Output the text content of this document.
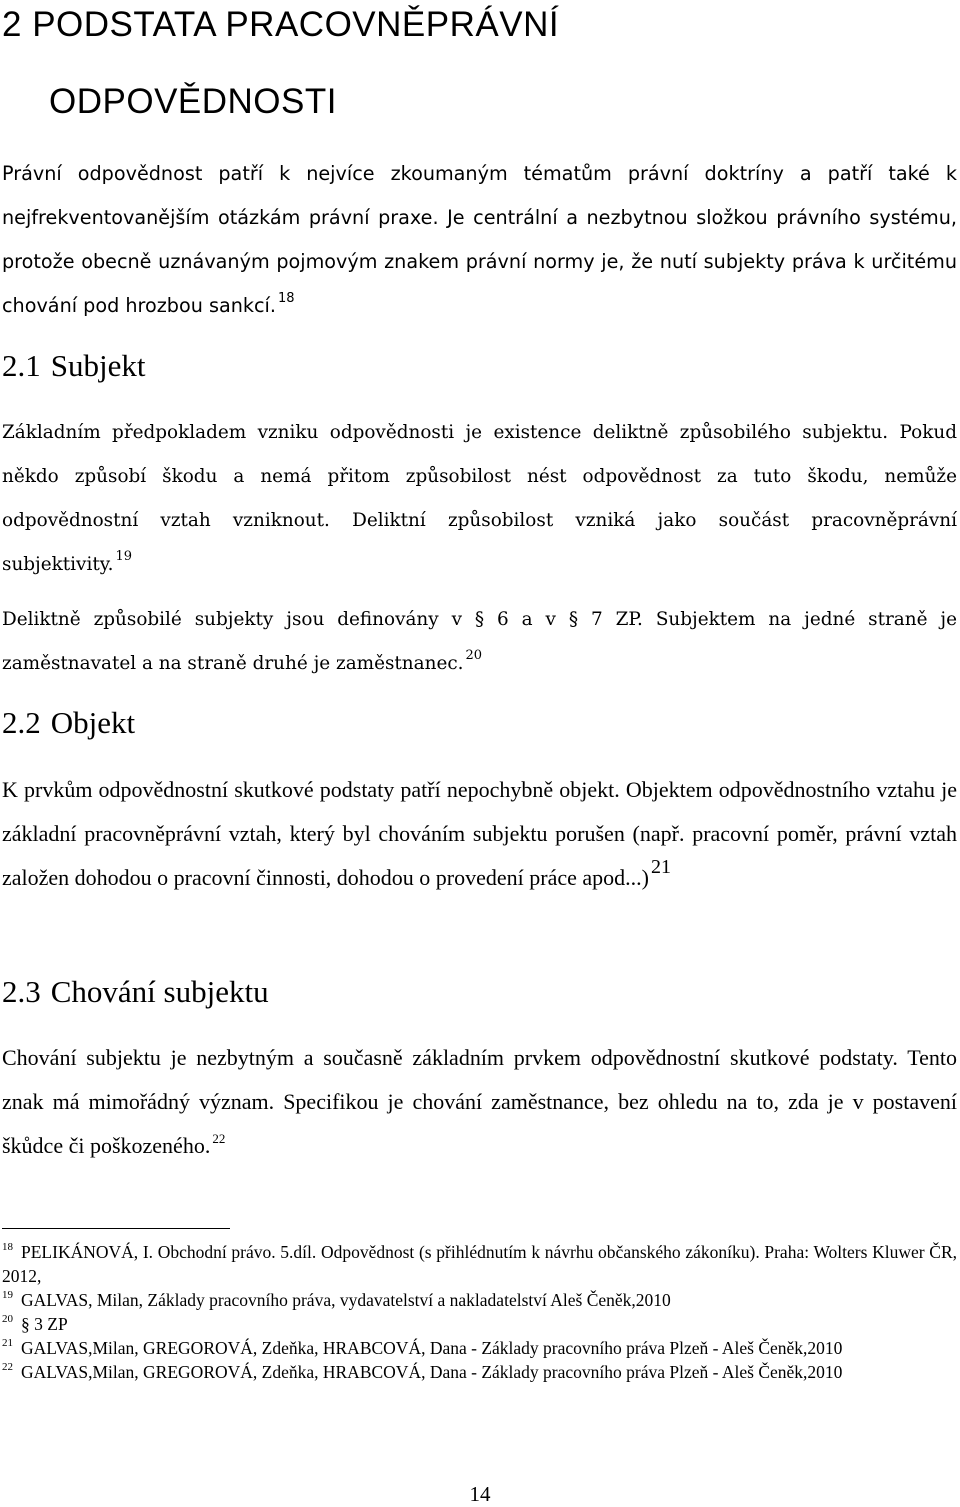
2 PODSTATA PRACOVNĚPRÁVNÍ
ODPOVĚDNOSTI

Právní odpovědnost patří k nejvíce zkoumaným tématům právní doktríny a patří také k nejfrekventovanějším otázkám právní praxe. Je centrální a nezbytnou složkou právního systému, protože obecně uznávaným pojmovým znakem právní normy je, že nutí subjekty práva k určitému chování pod hrozbou sankcí. $^{18}$

2.1 Subjekt

Základním předpokladem vzniku odpovědnosti je existence deliktně způsobilého subjektu. Pokud někdo způsobí škodu a nemá přitom způsobilost nést odpovědnost za tuto škodu, nemůže odpovědnostní vztah vzniknout. Deliktní způsobilost vzniká jako součást pracovněprávní subjektivity. $^{19}$

Deliktně způsobilé subjekty jsou definovány v § 6 a v § 7 ZP. Subjektem na jedné straně je zaměstnavatel a na straně druhé je zaměstnanec. $^{20}$

2.2 Objekt

K prvkům odpovědnostní skutkové podstaty patří nepochybně objekt. Objektem odpovědnostního vztahu je základní pracovněprávní vztah, který byl chováním subjektu porušen (např. pracovní poměr, právní vztah založen dohodou o pracovní činnosti, dohodou o provedení práce apod...) 21

2.3 Chování subjektu

Chování subjektu je nezbytným a současně základním prvkem odpovědnostní skutkové podstaty. Tento znak má mimořádný význam. Specifikou je chování zaměstnance, bez ohledu na to, zda je v postavení škůdce či poškozeného. $^{22}$

$^{18}$ PELIKÁNOVÁ, I. Obchodní právo. 5.díl. Odpovědnost (s přihlédnutím k návrhu občanského zákoníku). Praha: Wolters Kluwer ČR, 2012,

$^{19}$ GALVAS, Milan, Základy pracovního práva, vydavatelství a nakladatelství Aleš Čeněk,2010

$^{20}$ § 3 ZP

$^{21}$ GALVAS,Milan, GREGOROVÁ, Zdeňka, HRABCOVÁ, Dana - Základy pracovního práva Plzeň - Aleš Čeněk,2010

$^{22}$ GALVAS,Milan, GREGOROVÁ, Zdeňka, HRABCOVÁ, Dana - Základy pracovního práva Plzeň - Aleš Čeněk,2010

14
